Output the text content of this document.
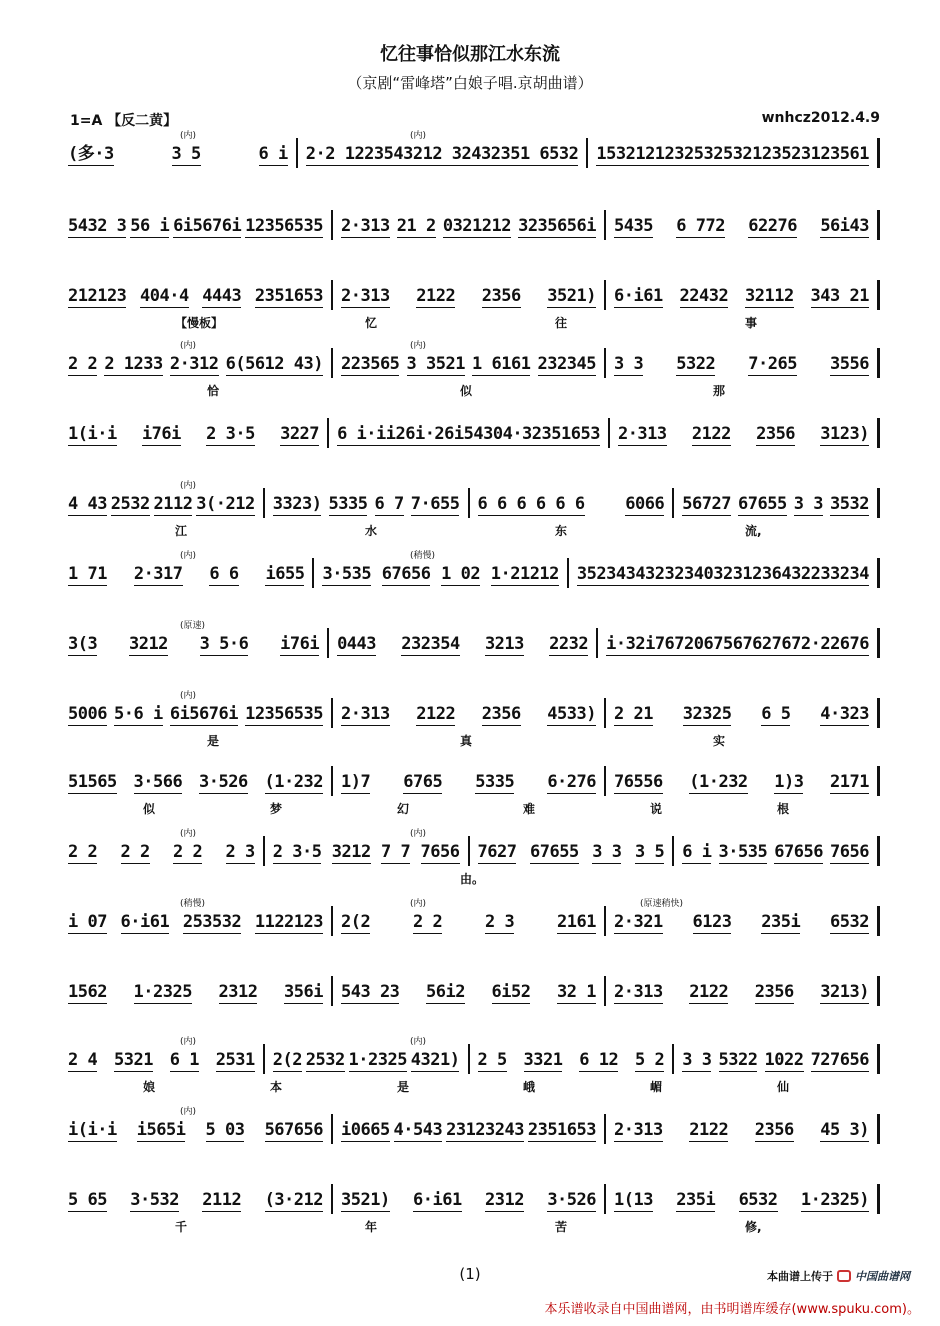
忆往事恰似那江水东流
（京剧“雷峰塔”白娘子唱.京胡曲谱）
1=A 【反二黄】	wnhcz2012.4.9
(多·3	3 5	6 i 2·2 1 22354 3212 3243 2351 6532 1532 12123253 25321235 23123561
5432 3 56 i 6i5676i 12356535 2·313 21 2 0321212 3235656i 5435 6 772 62276 56i43
212123 404·4 4443 2351653 2·313 2122 2356 3521) 6·i61 22432 32112 343 21
2 2 2 1233 2·312 6(5612 43) 223565 3 3521 1 6161 232345 3 3 5322 7·265 3556
1(i·i i76i 2 3·5 3227 6 i·ii2 6i·26i54 304·3 2351653 2·313 2122 2356 3123)
4 43 2532 2112 3(·212 3323) 5335 6 7 7·655 6 6 6 6 6 6 6066 56727 67655 3 3 3532
1 71 2·317 6 6 i655 3·535 67656 1 02 1·21212 35234343 2323403 23123643 2233234
3(3 3212 3 5·6 i76i 0443 232354 3213 2232 i·32i 76720 67567627 672·22676
5006 5·6 i 6i5676i 12356535 2·313 2122 2356 4533) 2 21 32325 6 5 4·323
51565 3·566 3·526 (1·232 1)7 6765 5335 6·276 76556 (1·232 1)3 2171
2 2 2 2 2 2 2 3 2 3·5 3212 7 7 7656 7627 67655 3 3 3 5 6 i 3·535 67656 7656
i 07 6·i61 253532 1122123 2(2	2 2	2 3	2161 2·321 6123 235i 6532
1562 1·2325 2312 356i 543 23 56i2 6i52 32 1 2·313 2122 2356 3213)
2 4 5321 6 1 2531 2(2 2532 1·2325 4321) 2 5 3321 6 12 5 2 3 3 5322 1022 727656
i(i·i i565i 5 03 567656 i0665 4·543 23123243 2351653 2·313 2122 2356 45 3)
5 65 3·532 2112 (3·212 3521) 6·i61 2312 3·526 1(13 235i 6532 1·2325)
【慢板】	忆	往	事
恰	似	那
江	水	东	流,
是	真	实
似	梦	幻	难	说	根
由。
娘	本	是	峨	嵋	仙
千	年	苦	修,
(内)	(内)
(内)	(内)
(内)
(内)	(稍慢)
(原速)
(内)
(内)	(内)
(稍慢)	(内)	(原速稍快)
(内)	(内)
(内)
(1)	本曲谱上传于 中国曲谱网
本乐谱收录自中国曲谱网，由书明谱库缓存(www.spuku.com)。
